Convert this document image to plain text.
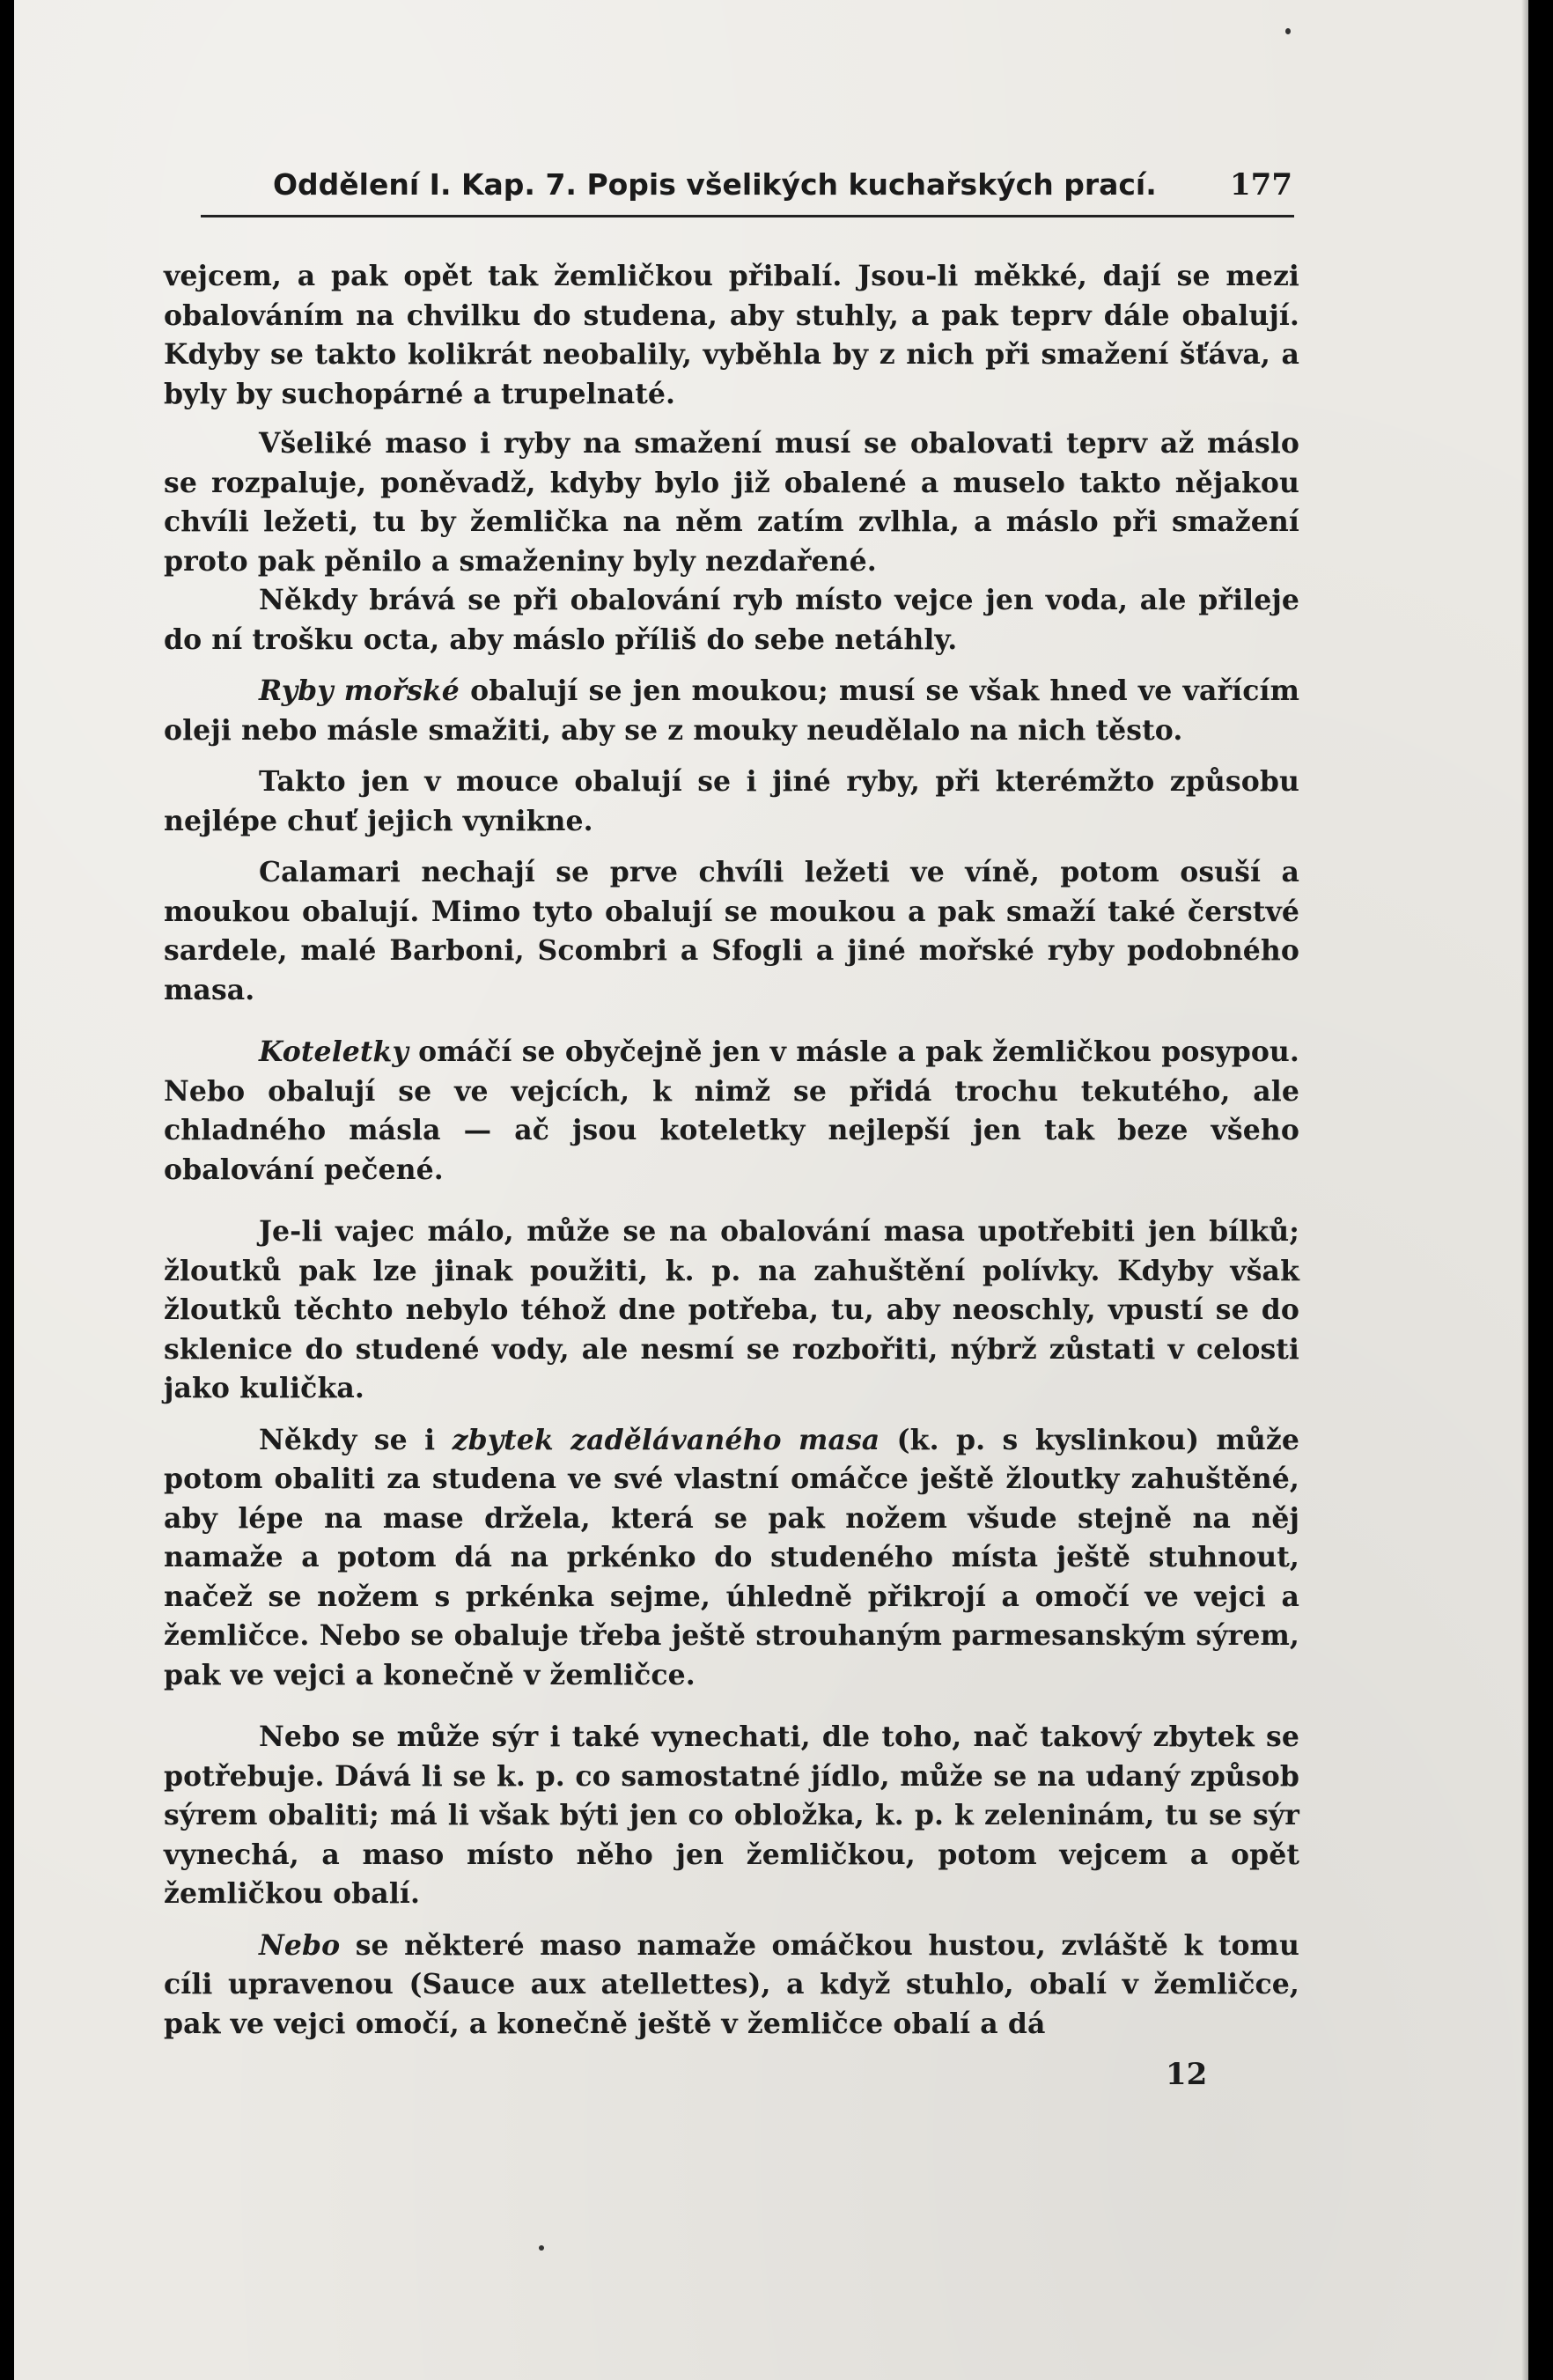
Oddělení I. Kap. 7. Popis všelikých kuchařských prací. 177

vejcem, a pak opět tak žemličkou přibalí. Jsou-li měkké, dají se mezi obalováním na chvilku do studena, aby stuhly, a pak teprv dále obalují. Kdyby se takto kolikrát neobalily, vyběhla by z nich při smažení šťáva, a byly by suchopárné a trupelnaté.

Všeliké maso i ryby na smažení musí se obalovati teprv až máslo se rozpaluje, poněvadž, kdyby bylo již obalené a muselo takto nějakou chvíli ležeti, tu by žemlička na něm zatím zvlhla, a máslo při smažení proto pak pěnilo a smaženiny byly nezdařené.

Někdy brává se při obalování ryb místo vejce jen voda, ale přileje do ní trošku octa, aby máslo příliš do sebe netáhly.

Ryby mořské obalují se jen moukou; musí se však hned ve vařícím oleji nebo másle smažiti, aby se z mouky neudělalo na nich těsto.

Takto jen v mouce obalují se i jiné ryby, při kterémžto způsobu nejlépe chuť jejich vynikne.

Calamari nechají se prve chvíli ležeti ve víně, potom osuší a moukou obalují. Mimo tyto obalují se moukou a pak smaží také čerstvé sardele, malé Barboni, Scombri a Sfogli a jiné mořské ryby podobného masa.

Koteletky omáčí se obyčejně jen v másle a pak žemličkou posypou. Nebo obalují se ve vejcích, k nimž se přidá trochu tekutého, ale chladného másla — ač jsou koteletky nejlepší jen tak beze všeho obalování pečené.

Je-li vajec málo, může se na obalování masa upotřebiti jen bílků; žloutků pak lze jinak použiti, k. p. na zahuštění polívky. Kdyby však žloutků těchto nebylo téhož dne potřeba, tu, aby neoschly, vpustí se do sklenice do studené vody, ale nesmí se rozbořiti, nýbrž zůstati v celosti jako kulička.

Někdy se i zbytek zadělávaného masa (k. p. s kyslinkou) může potom obaliti za studena ve své vlastní omáčce ještě žloutky zahuštěné, aby lépe na mase držela, která se pak nožem všude stejně na něj namaže a potom dá na prkénko do studeného místa ještě stuhnout, načež se nožem s prkénka sejme, úhledně přikrojí a omočí ve vejci a žemličce. Nebo se obaluje třeba ještě strouhaným parmesanským sýrem, pak ve vejci a konečně v žemličce.

Nebo se může sýr i také vynechati, dle toho, nač takový zbytek se potřebuje. Dává li se k. p. co samostatné jídlo, může se na udaný způsob sýrem obaliti; má li však býti jen co obložka, k. p. k zeleninám, tu se sýr vynechá, a maso místo něho jen žemličkou, potom vejcem a opět žemličkou obalí.

Nebo se některé maso namaže omáčkou hustou, zvláště k tomu cíli upravenou (Sauce aux atellettes), a když stuhlo, obalí v žemličce, pak ve vejci omočí, a konečně ještě v žemličce obalí a dá

12
